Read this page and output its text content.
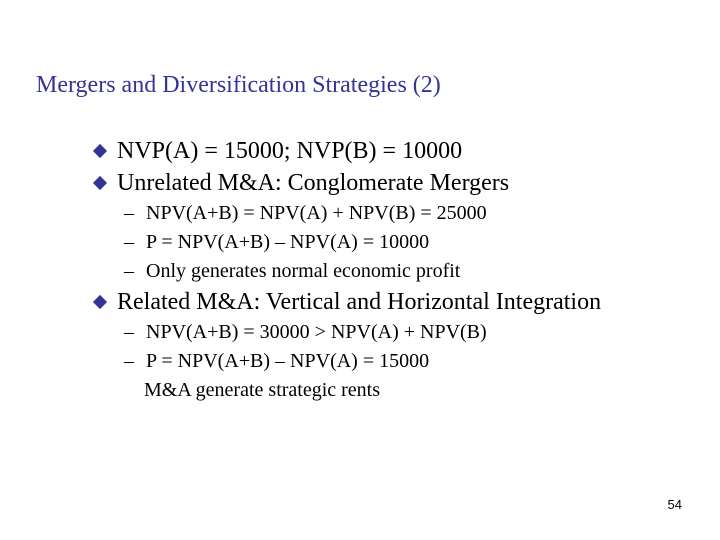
Mergers and Diversification Strategies (2)
NVP(A) = 15000; NVP(B) = 10000
Unrelated M&A: Conglomerate Mergers
– NPV(A+B) = NPV(A) + NPV(B) = 25000
– P = NPV(A+B) – NPV(A) = 10000
– Only generates normal economic profit
Related M&A: Vertical and Horizontal Integration
– NPV(A+B) = 30000 > NPV(A) + NPV(B)
– P = NPV(A+B) – NPV(A) = 15000
M&A generate strategic rents
54
